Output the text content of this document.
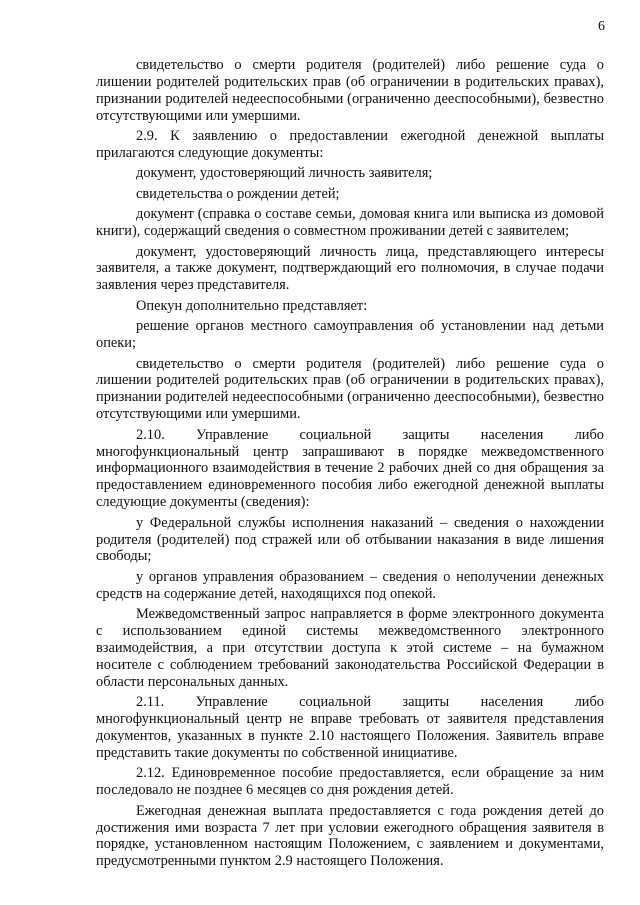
6

свидетельство о смерти родителя (родителей) либо решение суда о лишении родителей родительских прав (об ограничении в родительских правах), признании родителей недееспособными (ограниченно дееспособными), безвестно отсутствующими или умершими.

2.9. К заявлению о предоставлении ежегодной денежной выплаты прилагаются следующие документы:

документ, удостоверяющий личность заявителя;

свидетельства о рождении детей;

документ (справка о составе семьи, домовая книга или выписка из домовой книги), содержащий сведения о совместном проживании детей с заявителем;

документ, удостоверяющий личность лица, представляющего интересы заявителя, а также документ, подтверждающий его полномочия, в случае подачи заявления через представителя.

Опекун дополнительно представляет:

решение органов местного самоуправления об установлении над детьми опеки;

свидетельство о смерти родителя (родителей) либо решение суда о лишении родителей родительских прав (об ограничении в родительских правах), признании родителей недееспособными (ограниченно дееспособными), безвестно отсутствующими или умершими.

2.10. Управление социальной защиты населения либо многофункциональный центр запрашивают в порядке межведомственного информационного взаимодействия в течение 2 рабочих дней со дня обращения за предоставлением единовременного пособия либо ежегодной денежной выплаты следующие документы (сведения):

у Федеральной службы исполнения наказаний – сведения о нахождении родителя (родителей) под стражей или об отбывании наказания в виде лишения свободы;

у органов управления образованием – сведения о неполучении денежных средств на содержание детей, находящихся под опекой.

Межведомственный запрос направляется в форме электронного документа с использованием единой системы межведомственного электронного взаимодействия, а при отсутствии доступа к этой системе – на бумажном носителе с соблюдением требований законодательства Российской Федерации в области персональных данных.

2.11. Управление социальной защиты населения либо многофункциональный центр не вправе требовать от заявителя представления документов, указанных в пункте 2.10 настоящего Положения. Заявитель вправе представить такие документы по собственной инициативе.

2.12. Единовременное пособие предоставляется, если обращение за ним последовало не позднее 6 месяцев со дня рождения детей.

Ежегодная денежная выплата предоставляется с года рождения детей до достижения ими возраста 7 лет при условии ежегодного обращения заявителя в порядке, установленном настоящим Положением, с заявлением и документами, предусмотренными пунктом 2.9 настоящего Положения.
